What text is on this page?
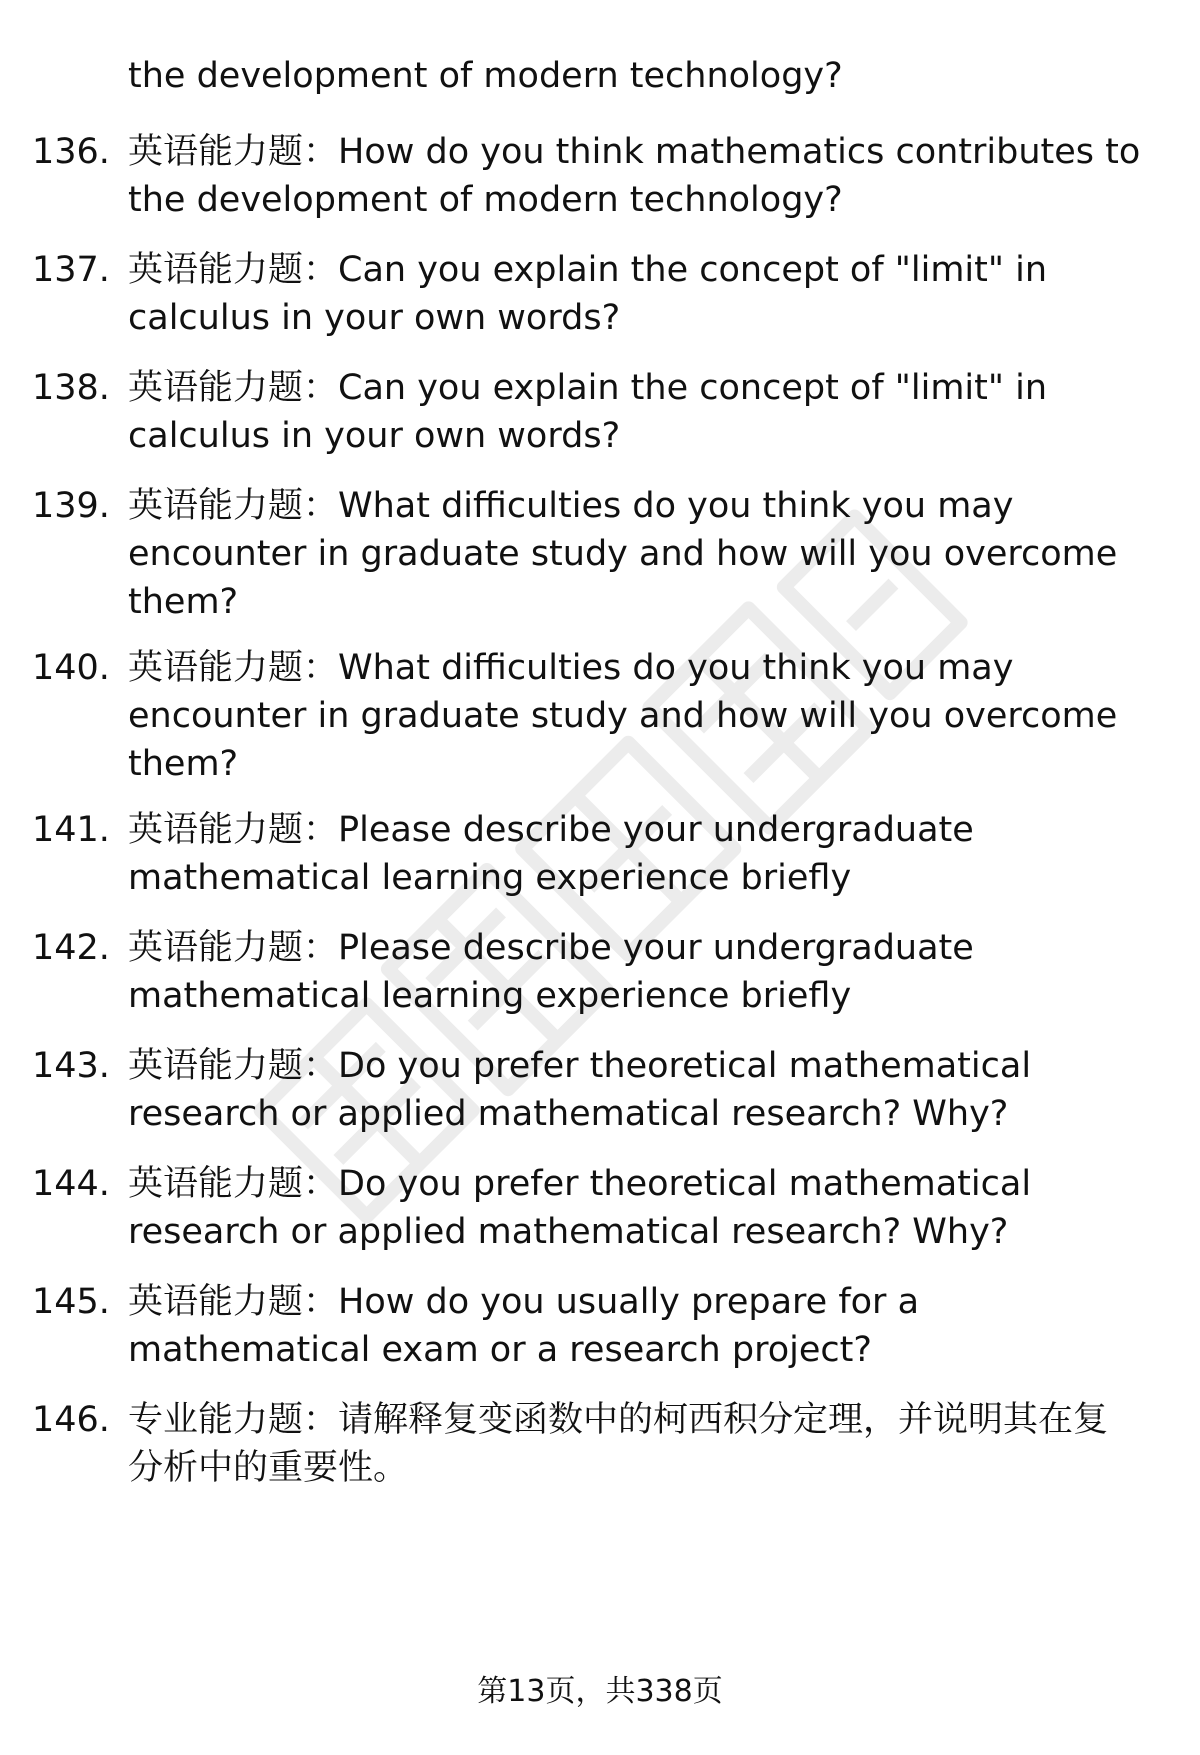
the development of modern technology?
136. 英语能力题：How do you think mathematics contributes to
the development of modern technology?
137. 英语能力题：Can you explain the concept of "limit" in
calculus in your own words?
138. 英语能力题：Can you explain the concept of "limit" in
calculus in your own words?
139. 英语能力题：What difficulties do you think you may
encounter in graduate study and how will you overcome
them?
140. 英语能力题：What difficulties do you think you may
encounter in graduate study and how will you overcome
them?
141. 英语能力题：Please describe your undergraduate
mathematical learning experience briefly
142. 英语能力题：Please describe your undergraduate
mathematical learning experience briefly
143. 英语能力题：Do you prefer theoretical mathematical
research or applied mathematical research? Why?
144. 英语能力题：Do you prefer theoretical mathematical
research or applied mathematical research? Why?
145. 英语能力题：How do you usually prepare for a
mathematical exam or a research project?
146. 专业能力题：请解释复变函数中的柯西积分定理，并说明其在复
分析中的重要性。
第13页，共338页
